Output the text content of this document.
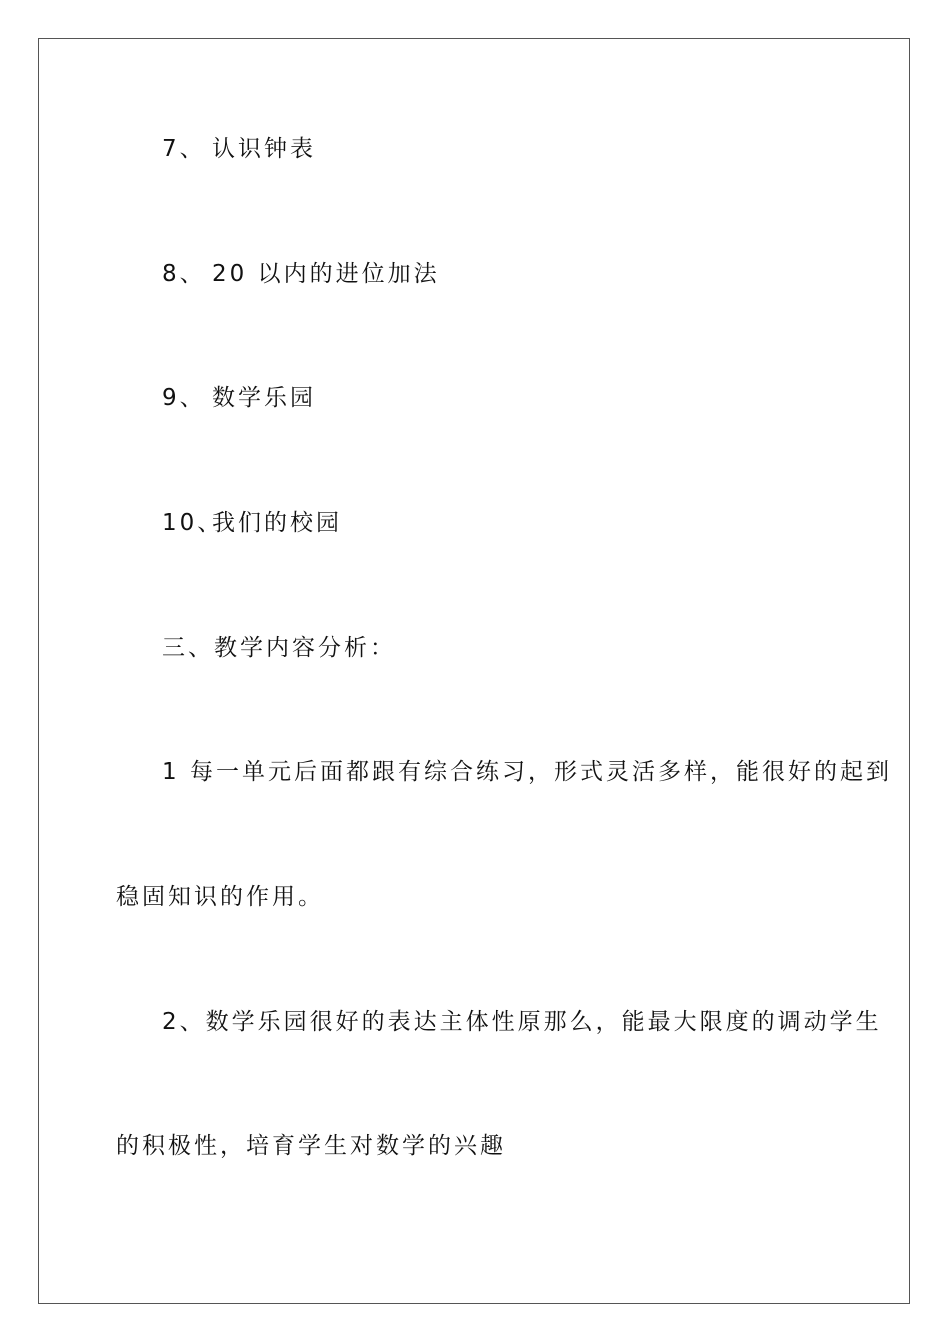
7、 认识钟表
8、 20 以内的进位加法
9、 数学乐园
10、我们的校园
三、教学内容分析：
1 每一单元后面都跟有综合练习，形式灵活多样，能很好的起到
稳固知识的作用。
2、数学乐园很好的表达主体性原那么，能最大限度的调动学生
的积极性，培育学生对数学的兴趣
